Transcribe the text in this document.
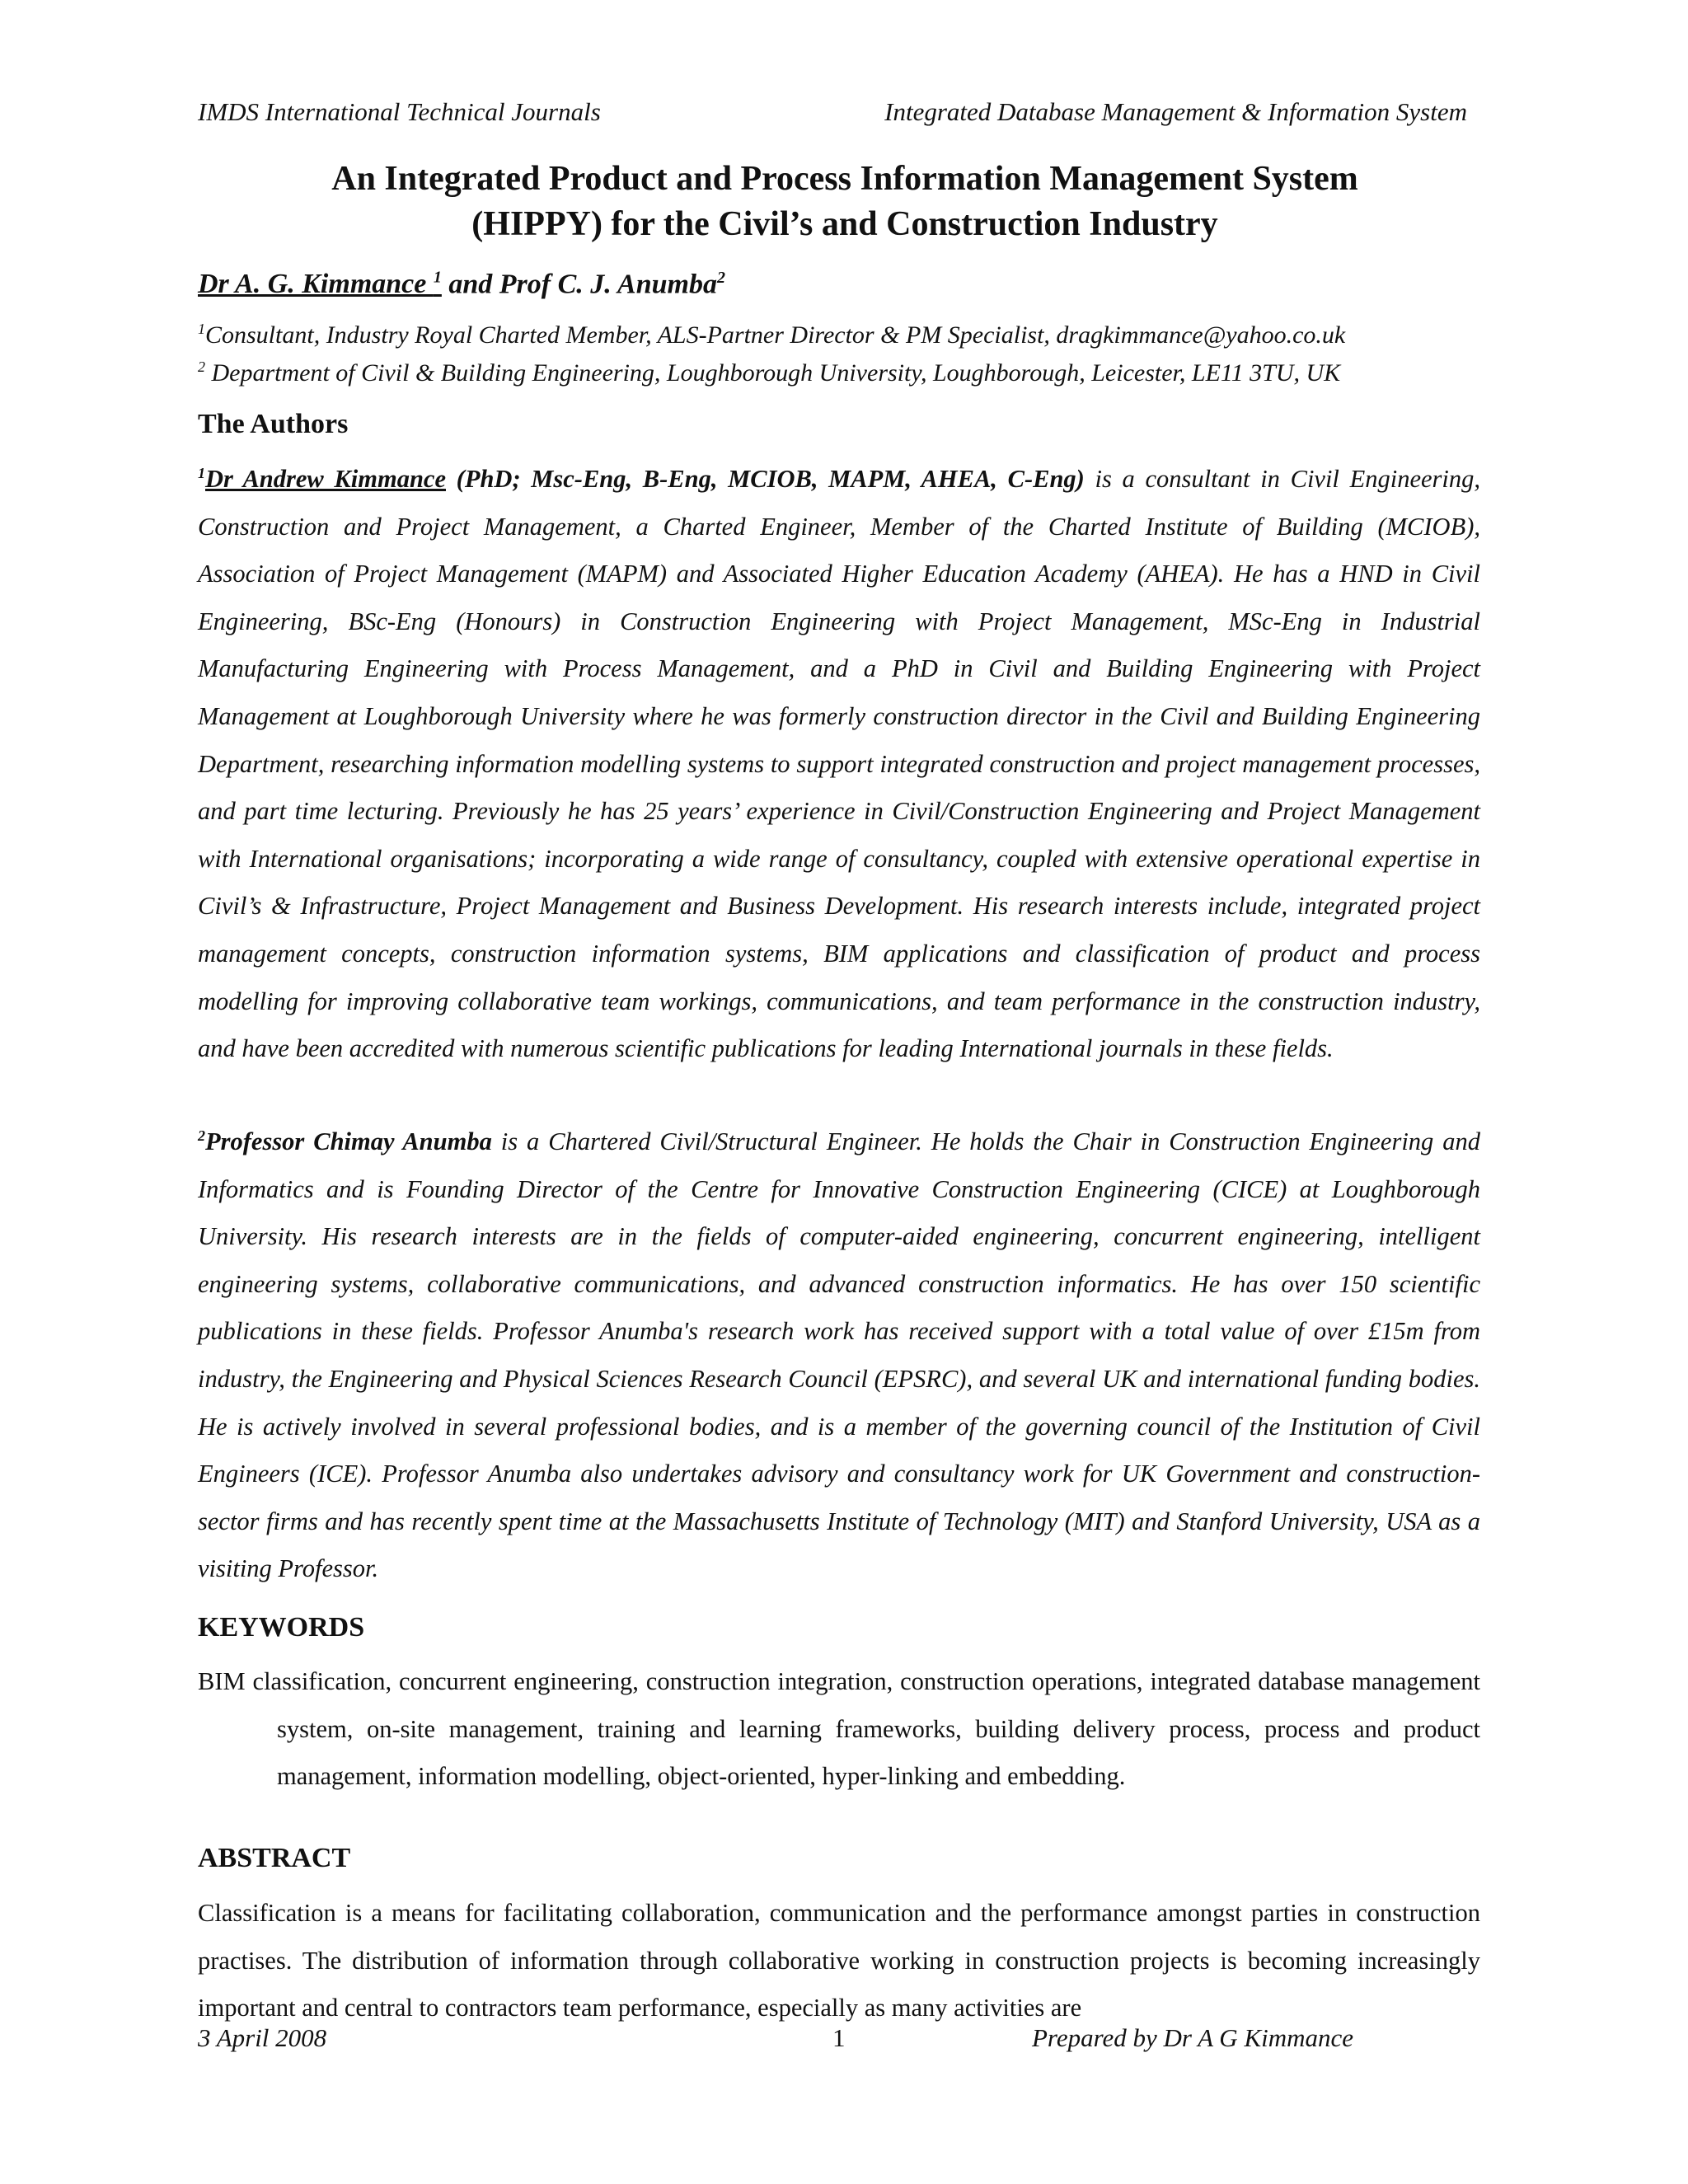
IMDS International Technical Journals	Integrated Database Management & Information System
An Integrated Product and Process Information Management System
(HIPPY) for the Civil’s and Construction Industry
Dr A. G. Kimmance $^1$ and Prof C. J. Anumba$^2$
$^1$Consultant, Industry Royal Charted Member, ALS-Partner Director & PM Specialist, dragkimmance@yahoo.co.uk
$^2$ Department of Civil & Building Engineering, Loughborough University, Loughborough, Leicester, LE11 3TU, UK
The Authors
$^1$Dr Andrew Kimmance (PhD; Msc-Eng, B-Eng, MCIOB, MAPM, AHEA, C-Eng) is a consultant in Civil Engineering, Construction and Project Management, a Charted Engineer, Member of the Charted Institute of Building (MCIOB), Association of Project Management (MAPM) and Associated Higher Education Academy (AHEA). He has a HND in Civil Engineering, BSc-Eng (Honours) in Construction Engineering with Project Management, MSc-Eng in Industrial Manufacturing Engineering with Process Management, and a PhD in Civil and Building Engineering with Project Management at Loughborough University where he was formerly construction director in the Civil and Building Engineering Department, researching information modelling systems to support integrated construction and project management processes, and part time lecturing. Previously he has 25 years’ experience in Civil/Construction Engineering and Project Management with International organisations; incorporating a wide range of consultancy, coupled with extensive operational expertise in Civil’s & Infrastructure, Project Management and Business Development. His research interests include, integrated project management concepts, construction information systems, BIM applications and classification of product and process modelling for improving collaborative team workings, communications, and team performance in the construction industry, and have been accredited with numerous scientific publications for leading International journals in these fields.
$^2$Professor Chimay Anumba is a Chartered Civil/Structural Engineer. He holds the Chair in Construction Engineering and Informatics and is Founding Director of the Centre for Innovative Construction Engineering (CICE) at Loughborough University. His research interests are in the fields of computer-aided engineering, concurrent engineering, intelligent engineering systems, collaborative communications, and advanced construction informatics. He has over 150 scientific publications in these fields. Professor Anumba's research work has received support with a total value of over £15m from industry, the Engineering and Physical Sciences Research Council (EPSRC), and several UK and international funding bodies. He is actively involved in several professional bodies, and is a member of the governing council of the Institution of Civil Engineers (ICE). Professor Anumba also undertakes advisory and consultancy work for UK Government and construction-sector firms and has recently spent time at the Massachusetts Institute of Technology (MIT) and Stanford University, USA as a visiting Professor.
KEYWORDS
BIM classification, concurrent engineering, construction integration, construction operations, integrated database management system, on-site management, training and learning frameworks, building delivery process, process and product management, information modelling, object-oriented, hyper-linking and embedding.
ABSTRACT
Classification is a means for facilitating collaboration, communication and the performance amongst parties in construction practises. The distribution of information through collaborative working in construction projects is becoming increasingly important and central to contractors team performance, especially as many activities are
3 April 2008	1	Prepared by Dr A G Kimmance
